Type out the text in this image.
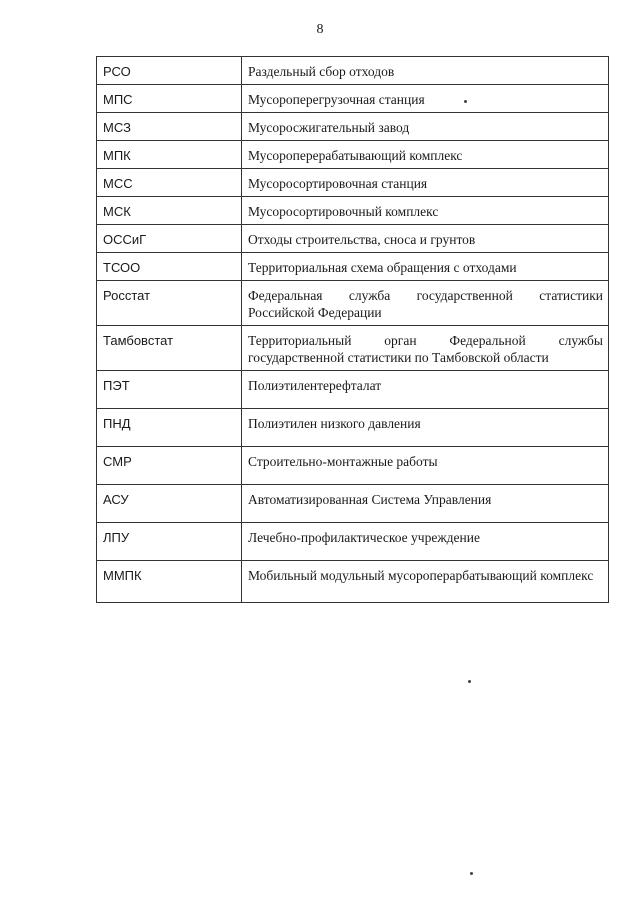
8
РСО	Раздельный сбор отходов
МПС	Мусороперегрузочная станция
МСЗ	Мусоросжигательный завод
МПК	Мусороперерабатывающий комплекс
МСС	Мусоросортировочная станция
МСК	Мусоросортировочный комплекс
ОССиГ	Отходы строительства, сноса и грунтов
ТСОО	Территориальная схема обращения с отходами
Росстат	Федеральная служба государственной статистики Российской Федерации
Тамбовстат	Территориальный орган Федеральной службы государственной статистики по Тамбовской области
ПЭТ	Полиэтилентерефталат
ПНД	Полиэтилен низкого давления
СМР	Строительно-монтажные работы
АСУ	Автоматизированная Система Управления
ЛПУ	Лечебно-профилактическое учреждение
ММПК	Мобильный модульный мусороперарбатывающий комплекс
